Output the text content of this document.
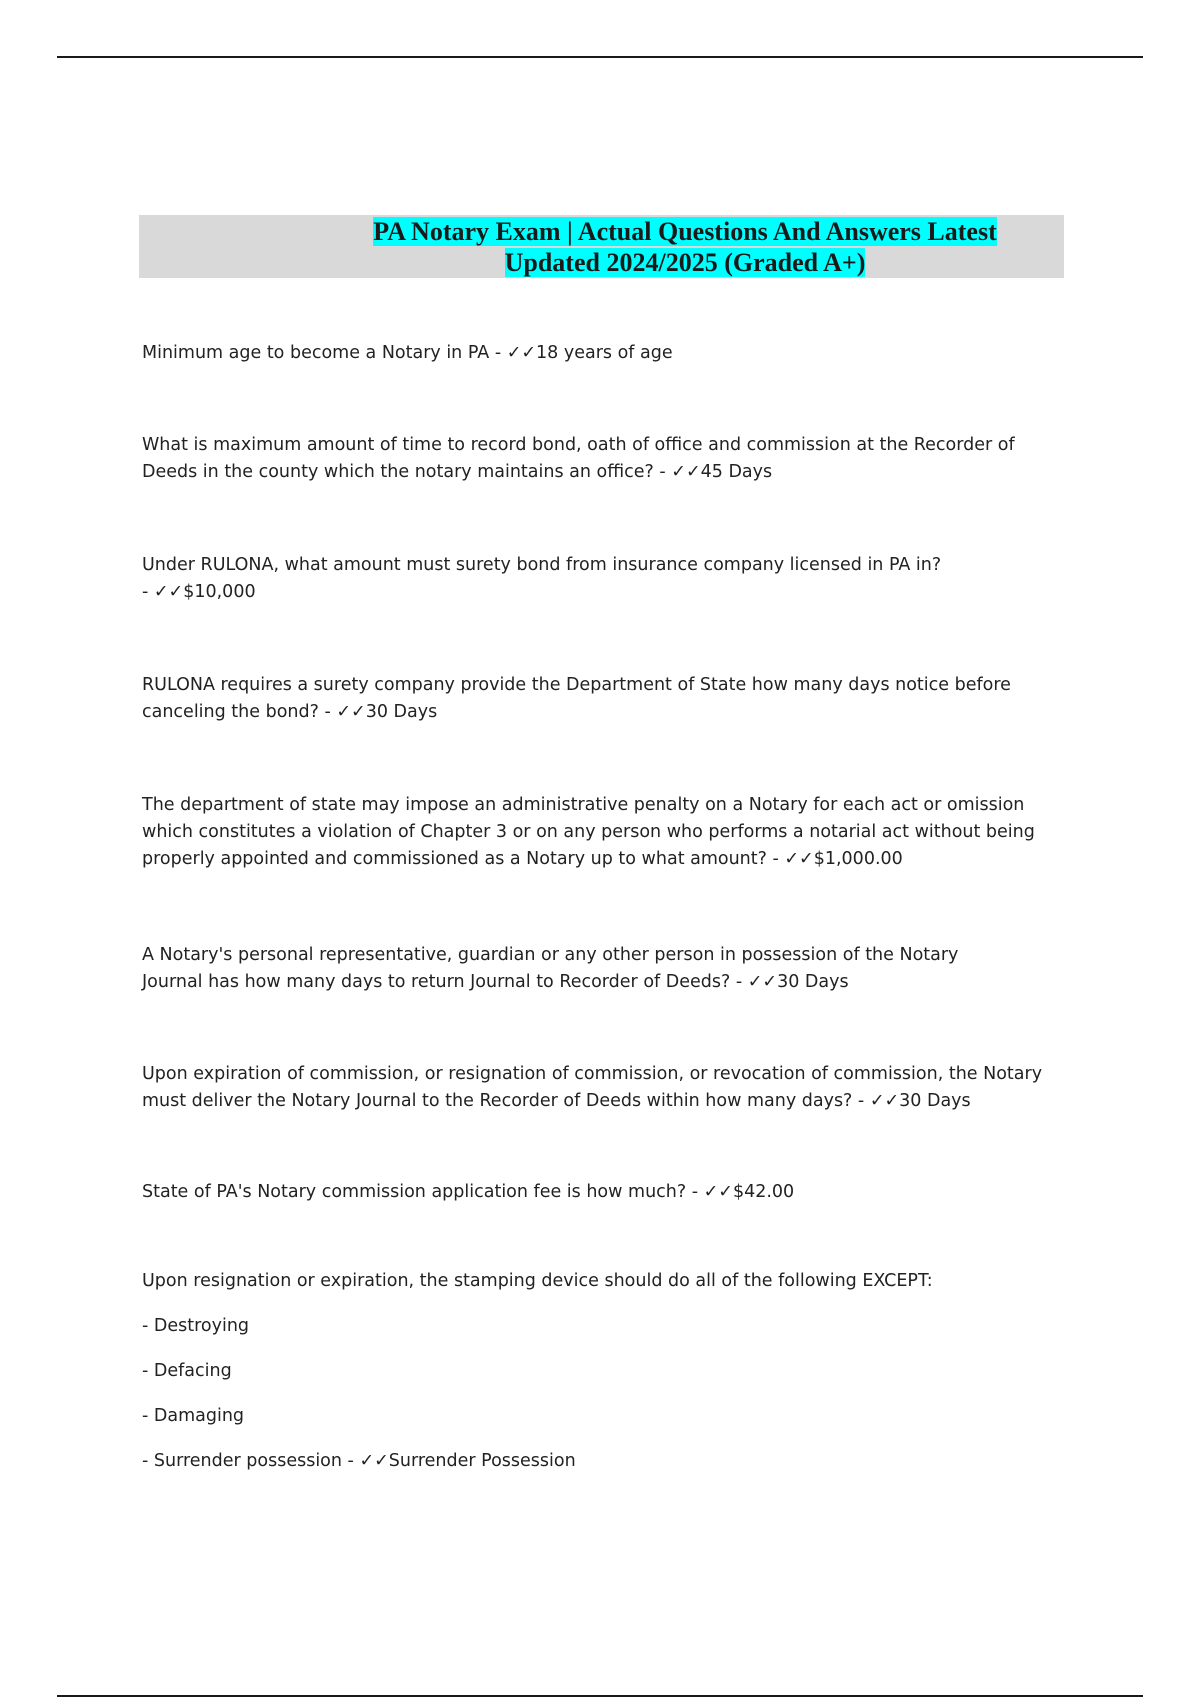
PA Notary Exam | Actual Questions And Answers Latest
Updated 2024/2025 (Graded A+)

Minimum age to become a Notary in PA - ✓✓18 years of age

What is maximum amount of time to record bond, oath of office and commission at the Recorder of Deeds in the county which the notary maintains an office? - ✓✓45 Days

Under RULONA, what amount must surety bond from insurance company licensed in PA in?
- ✓✓$10,000

RULONA requires a surety company provide the Department of State how many days notice before canceling the bond? - ✓✓30 Days

The department of state may impose an administrative penalty on a Notary for each act or omission which constitutes a violation of Chapter 3 or on any person who performs a notarial act without being properly appointed and commissioned as a Notary up to what amount? - ✓✓$1,000.00

A Notary's personal representative, guardian or any other person in possession of the Notary Journal has how many days to return Journal to Recorder of Deeds? - ✓✓30 Days

Upon expiration of commission, or resignation of commission, or revocation of commission, the Notary must deliver the Notary Journal to the Recorder of Deeds within how many days? - ✓✓30 Days

State of PA's Notary commission application fee is how much? - ✓✓$42.00

Upon resignation or expiration, the stamping device should do all of the following EXCEPT:

- Destroying
- Defacing
- Damaging
- Surrender possession - ✓✓Surrender Possession
